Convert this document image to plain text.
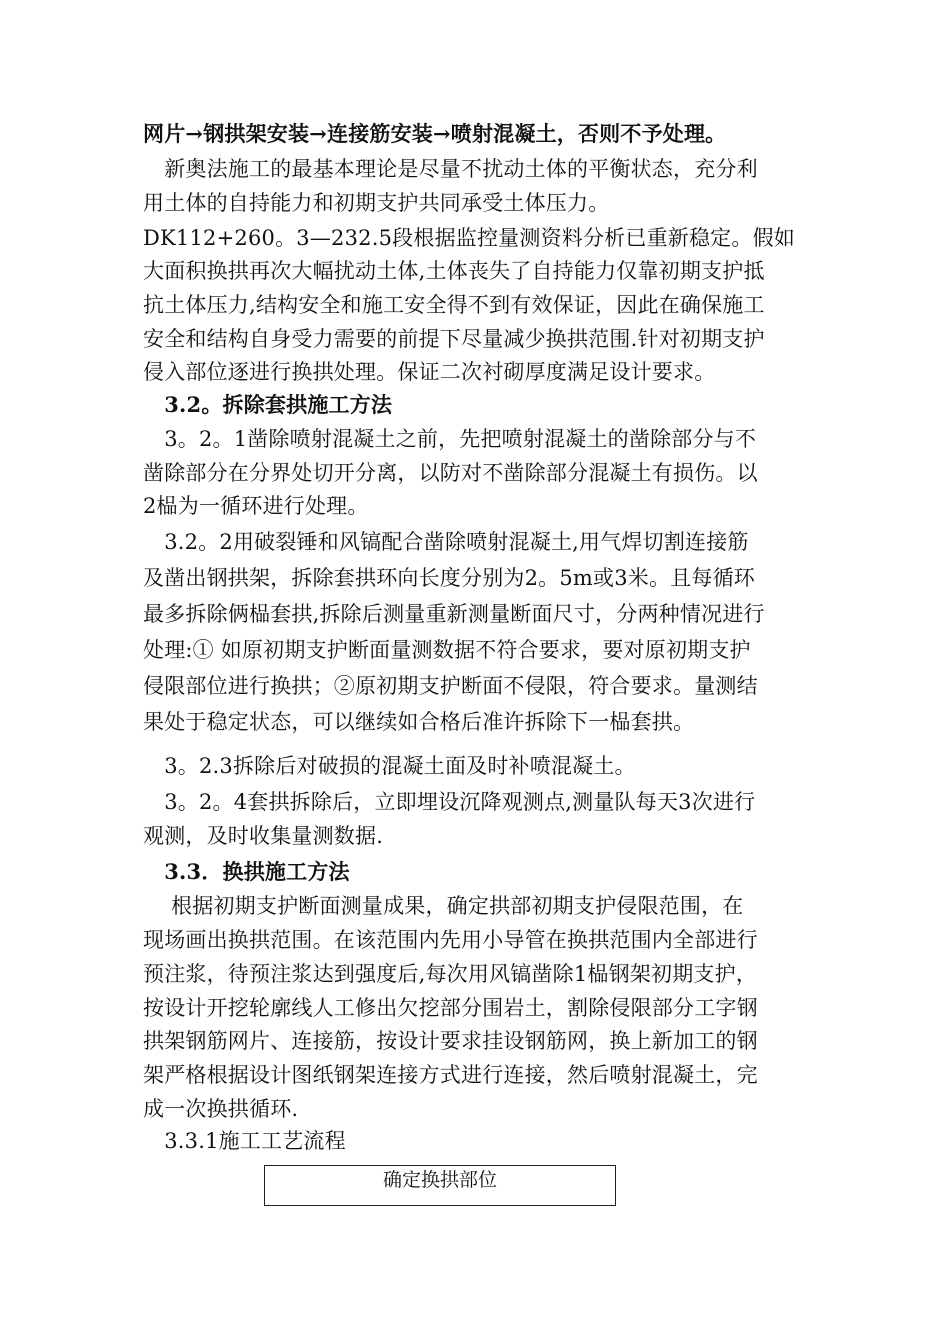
网片→钢拱架安装→连接筋安装→喷射混凝土，否则不予处理。
　新奥法施工的最基本理论是尽量不扰动土体的平衡状态，充分利
用土体的自持能力和初期支护共同承受土体压力。
DK112+260。3—232.5段根据监控量测资料分析已重新稳定。假如
大面积换拱再次大幅扰动土体,土体丧失了自持能力仅靠初期支护抵
抗土体压力,结构安全和施工安全得不到有效保证，因此在确保施工
安全和结构自身受力需要的前提下尽量减少换拱范围.针对初期支护
侵入部位逐进行换拱处理。保证二次衬砌厚度满足设计要求。
　3.2。拆除套拱施工方法
　3。2。1凿除喷射混凝土之前，先把喷射混凝土的凿除部分与不
凿除部分在分界处切开分离，以防对不凿除部分混凝土有损伤。以
2榀为一循环进行处理。
　3.2。2用破裂锤和风镐配合凿除喷射混凝土,用气焊切割连接筋
及凿出钢拱架，拆除套拱环向长度分别为2。5m或3米。且每循环
最多拆除俩榀套拱,拆除后测量重新测量断面尺寸，分两种情况进行
处理:① 如原初期支护断面量测数据不符合要求，要对原初期支护
侵限部位进行换拱；②原初期支护断面不侵限，符合要求。量测结
果处于稳定状态，可以继续如合格后准许拆除下一榀套拱。
　3。2.3拆除后对破损的混凝土面及时补喷混凝土。
　3。2。4套拱拆除后，立即埋设沉降观测点,测量队每天3次进行
观测，及时收集量测数据.
　3.3．换拱施工方法
　 根据初期支护断面测量成果，确定拱部初期支护侵限范围，在
现场画出换拱范围。在该范围内先用小导管在换拱范围内全部进行
预注浆，待预注浆达到强度后,每次用风镐凿除1榀钢架初期支护，
按设计开挖轮廓线人工修出欠挖部分围岩土，割除侵限部分工字钢
拱架钢筋网片、连接筋，按设计要求挂设钢筋网，换上新加工的钢
架严格根据设计图纸钢架连接方式进行连接，然后喷射混凝土，完
成一次换拱循环.
　3.3.1施工工艺流程
确定换拱部位
